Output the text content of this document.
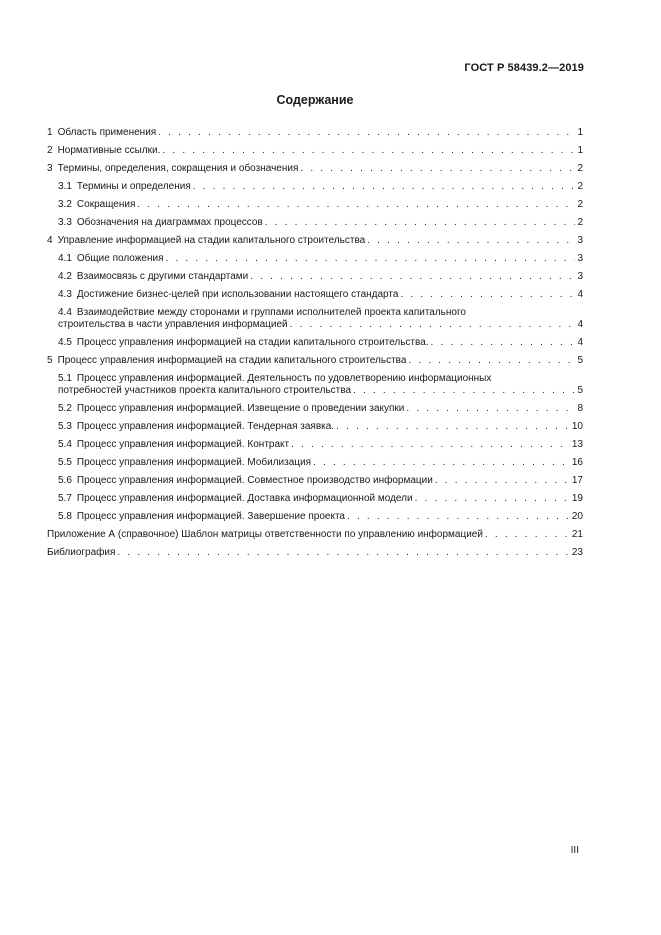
ГОСТ Р 58439.2—2019
Содержание
1 Область применения . . .	1
2 Нормативные ссылки. . . .	1
3 Термины, определения, сокращения и обозначения . . .	2
3.1 Термины и определения . . .	2
3.2 Сокращения . . .	2
3.3 Обозначения на диаграммах процессов . . .	2
4 Управление информацией на стадии капитального строительства . . .	3
4.1 Общие положения . . .	3
4.2 Взаимосвязь с другими стандартами . . .	3
4.3 Достижение бизнес-целей при использовании настоящего стандарта . . .	4
4.4 Взаимодействие между сторонами и группами исполнителей проекта капитального
строительства в части управления информацией . . .	4
4.5 Процесс управления информацией на стадии капитального строительства. . . .	4
5 Процесс управления информацией на стадии капитального строительства . . .	5
5.1 Процесс управления информацией. Деятельность по удовлетворению информационных
потребностей участников проекта капитального строительства . . .	5
5.2 Процесс управления информацией. Извещение о проведении закупки . . .	8
5.3 Процесс управления информацией. Тендерная заявка. . . .	10
5.4 Процесс управления информацией. Контракт . . .	13
5.5 Процесс управления информацией. Мобилизация . . .	16
5.6 Процесс управления информацией. Совместное производство информации . . .	17
5.7 Процесс управления информацией. Доставка информационной модели . . .	19
5.8 Процесс управления информацией. Завершение проекта . . .	20
Приложение А (справочное) Шаблон матрицы ответственности по управлению информацией . . .	21
Библиография . . .	23
III
